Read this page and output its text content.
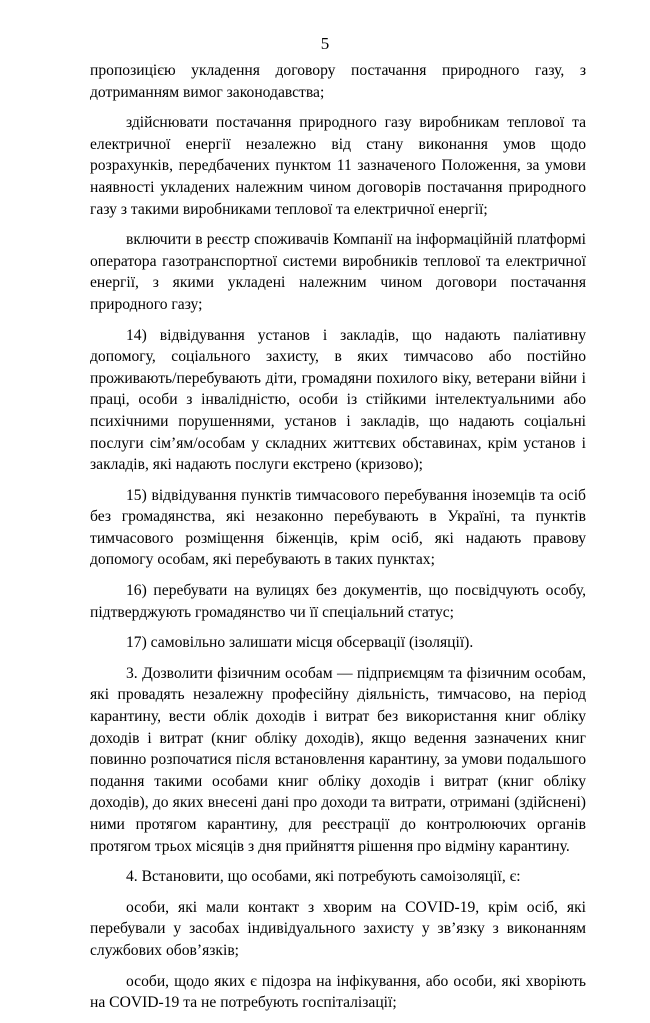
5

пропозицією укладення договору постачання природного газу, з дотриманням вимог законодавства;

здійснювати постачання природного газу виробникам теплової та електричної енергії незалежно від стану виконання умов щодо розрахунків, передбачених пунктом 11 зазначеного Положення, за умови наявності укладених належним чином договорів постачання природного газу з такими виробниками теплової та електричної енергії;

включити в реєстр споживачів Компанії на інформаційній платформі оператора газотранспортної системи виробників теплової та електричної енергії, з якими укладені належним чином договори постачання природного газу;

14) відвідування установ і закладів, що надають паліативну допомогу, соціального захисту, в яких тимчасово або постійно проживають/перебувають діти, громадяни похилого віку, ветерани війни і праці, особи з інвалідністю, особи із стійкими інтелектуальними або психічними порушеннями, установ і закладів, що надають соціальні послуги сім’ям/особам у складних життєвих обставинах, крім установ і закладів, які надають послуги екстрено (кризово);

15) відвідування пунктів тимчасового перебування іноземців та осіб без громадянства, які незаконно перебувають в Україні, та пунктів тимчасового розміщення біженців, крім осіб, які надають правову допомогу особам, які перебувають в таких пунктах;

16) перебувати на вулицях без документів, що посвідчують особу, підтверджують громадянство чи її спеціальний статус;

17) самовільно залишати місця обсервації (ізоляції).

3. Дозволити фізичним особам — підприємцям та фізичним особам, які провадять незалежну професійну діяльність, тимчасово, на період карантину, вести облік доходів і витрат без використання книг обліку доходів і витрат (книг обліку доходів), якщо ведення зазначених книг повинно розпочатися після встановлення карантину, за умови подальшого подання такими особами книг обліку доходів і витрат (книг обліку доходів), до яких внесені дані про доходи та витрати, отримані (здійснені) ними протягом карантину, для реєстрації до контролюючих органів протягом трьох місяців з дня прийняття рішення про відміну карантину.

4. Встановити, що особами, які потребують самоізоляції, є:

особи, які мали контакт з хворим на COVID-19, крім осіб, які перебували у засобах індивідуального захисту у зв’язку з виконанням службових обов’язків;

особи, щодо яких є підозра на інфікування, або особи, які хворіють на COVID-19 та не потребують госпіталізації;
